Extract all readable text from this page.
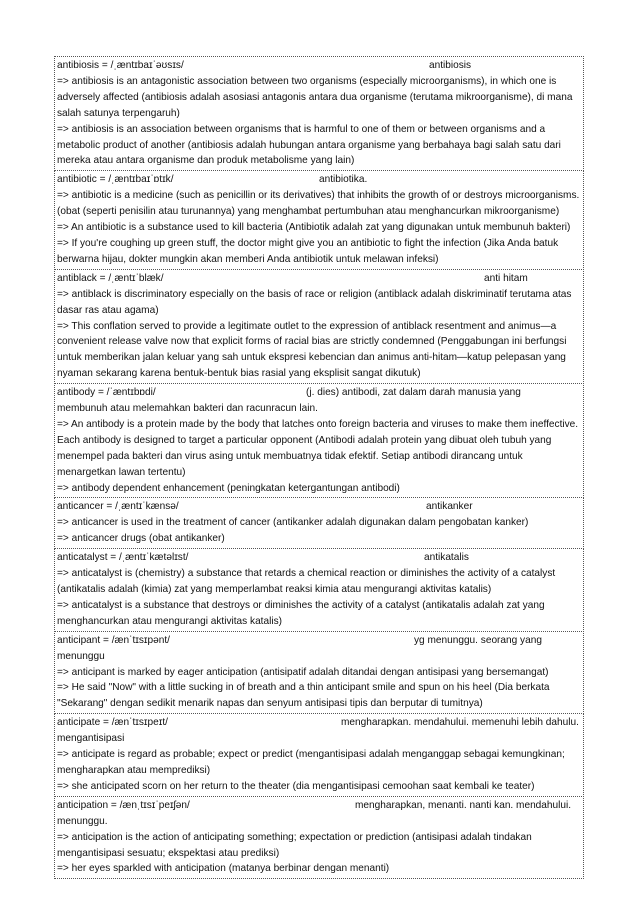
antibiosis = /ˌæntɪbaɪˈəʊsɪs/	antibiosis
=> antibiosis is an antagonistic association between two organisms (especially microorganisms), in which one is adversely affected (antibiosis adalah asosiasi antagonis antara dua organisme (terutama mikroorganisme), di mana salah satunya terpengaruh)
=> antibiosis is an association between organisms that is harmful to one of them or between organisms and a metabolic product of another (antibiosis adalah hubungan antara organisme yang berbahaya bagi salah satu dari mereka atau antara organisme dan produk metabolisme yang lain)
antibiotic = /ˌæntɪbaɪˈɒtɪk/	antibiotika.
=> antibiotic is a medicine (such as penicillin or its derivatives) that inhibits the growth of or destroys microorganisms. (obat (seperti penisilin atau turunannya) yang menghambat pertumbuhan atau menghancurkan mikroorganisme)
=> An antibiotic is a substance used to kill bacteria (Antibiotik adalah zat yang digunakan untuk membunuh bakteri)
=> If you're coughing up green stuff, the doctor might give you an antibiotic to fight the infection (Jika Anda batuk berwarna hijau, dokter mungkin akan memberi Anda antibiotik untuk melawan infeksi)
antiblack = /ˌæntɪˈblæk/	anti hitam
=> antiblack is discriminatory especially on the basis of race or religion (antiblack adalah diskriminatif terutama atas dasar ras atau agama)
=> This conflation served to provide a legitimate outlet to the expression of antiblack resentment and animus—a convenient release valve now that explicit forms of racial bias are strictly condemned (Penggabungan ini berfungsi untuk memberikan jalan keluar yang sah untuk ekspresi kebencian dan animus anti-hitam—katup pelepasan yang nyaman sekarang karena bentuk-bentuk bias rasial yang eksplisit sangat dikutuk)
antibody = /ˈæntɪbɒdi/	(j. dies) antibodi, zat dalam darah manusia yang
membunuh atau melemahkan bakteri dan racunracun lain.
=> An antibody is a protein made by the body that latches onto foreign bacteria and viruses to make them ineffective. Each antibody is designed to target a particular opponent (Antibodi adalah protein yang dibuat oleh tubuh yang menempel pada bakteri dan virus asing untuk membuatnya tidak efektif. Setiap antibodi dirancang untuk menargetkan lawan tertentu)
=> antibody dependent enhancement (peningkatan ketergantungan antibodi)
anticancer = /ˌæntɪˈkænsə/	antikanker
=> anticancer is used in the treatment of cancer (antikanker adalah digunakan dalam pengobatan kanker)
=> anticancer drugs (obat antikanker)
anticatalyst = /ˌæntɪˈkætəlɪst/	antikatalis
=> anticatalyst is (chemistry) a substance that retards a chemical reaction or diminishes the activity of a catalyst (antikatalis adalah (kimia) zat yang memperlambat reaksi kimia atau mengurangi aktivitas katalis)
=> anticatalyst is a substance that destroys or diminishes the activity of a catalyst (antikatalis adalah zat yang menghancurkan atau mengurangi aktivitas katalis)
anticipant = /ænˈtɪsɪpənt/	yg menunggu. seorang yang
menunggu
=> anticipant is marked by eager anticipation (antisipatif adalah ditandai dengan antisipasi yang bersemangat)
=> He said "Now" with a little sucking in of breath and a thin anticipant smile and spun on his heel (Dia berkata "Sekarang" dengan sedikit menarik napas dan senyum antisipasi tipis dan berputar di tumitnya)
anticipate = /ænˈtɪsɪpeɪt/	mengharapkan. mendahului. memenuhi lebih dahulu.
mengantisipasi
=> anticipate is regard as probable; expect or predict (mengantisipasi adalah menganggap sebagai kemungkinan; mengharapkan atau memprediksi)
=> she anticipated scorn on her return to the theater (dia mengantisipasi cemoohan saat kembali ke teater)
anticipation = /ænˌtɪsɪˈpeɪʃən/	mengharapkan, menanti. nanti kan. mendahului.
menunggu.
=> anticipation is the action of anticipating something; expectation or prediction (antisipasi adalah tindakan mengantisipasi sesuatu; ekspektasi atau prediksi)
=> her eyes sparkled with anticipation (matanya berbinar dengan menanti)
